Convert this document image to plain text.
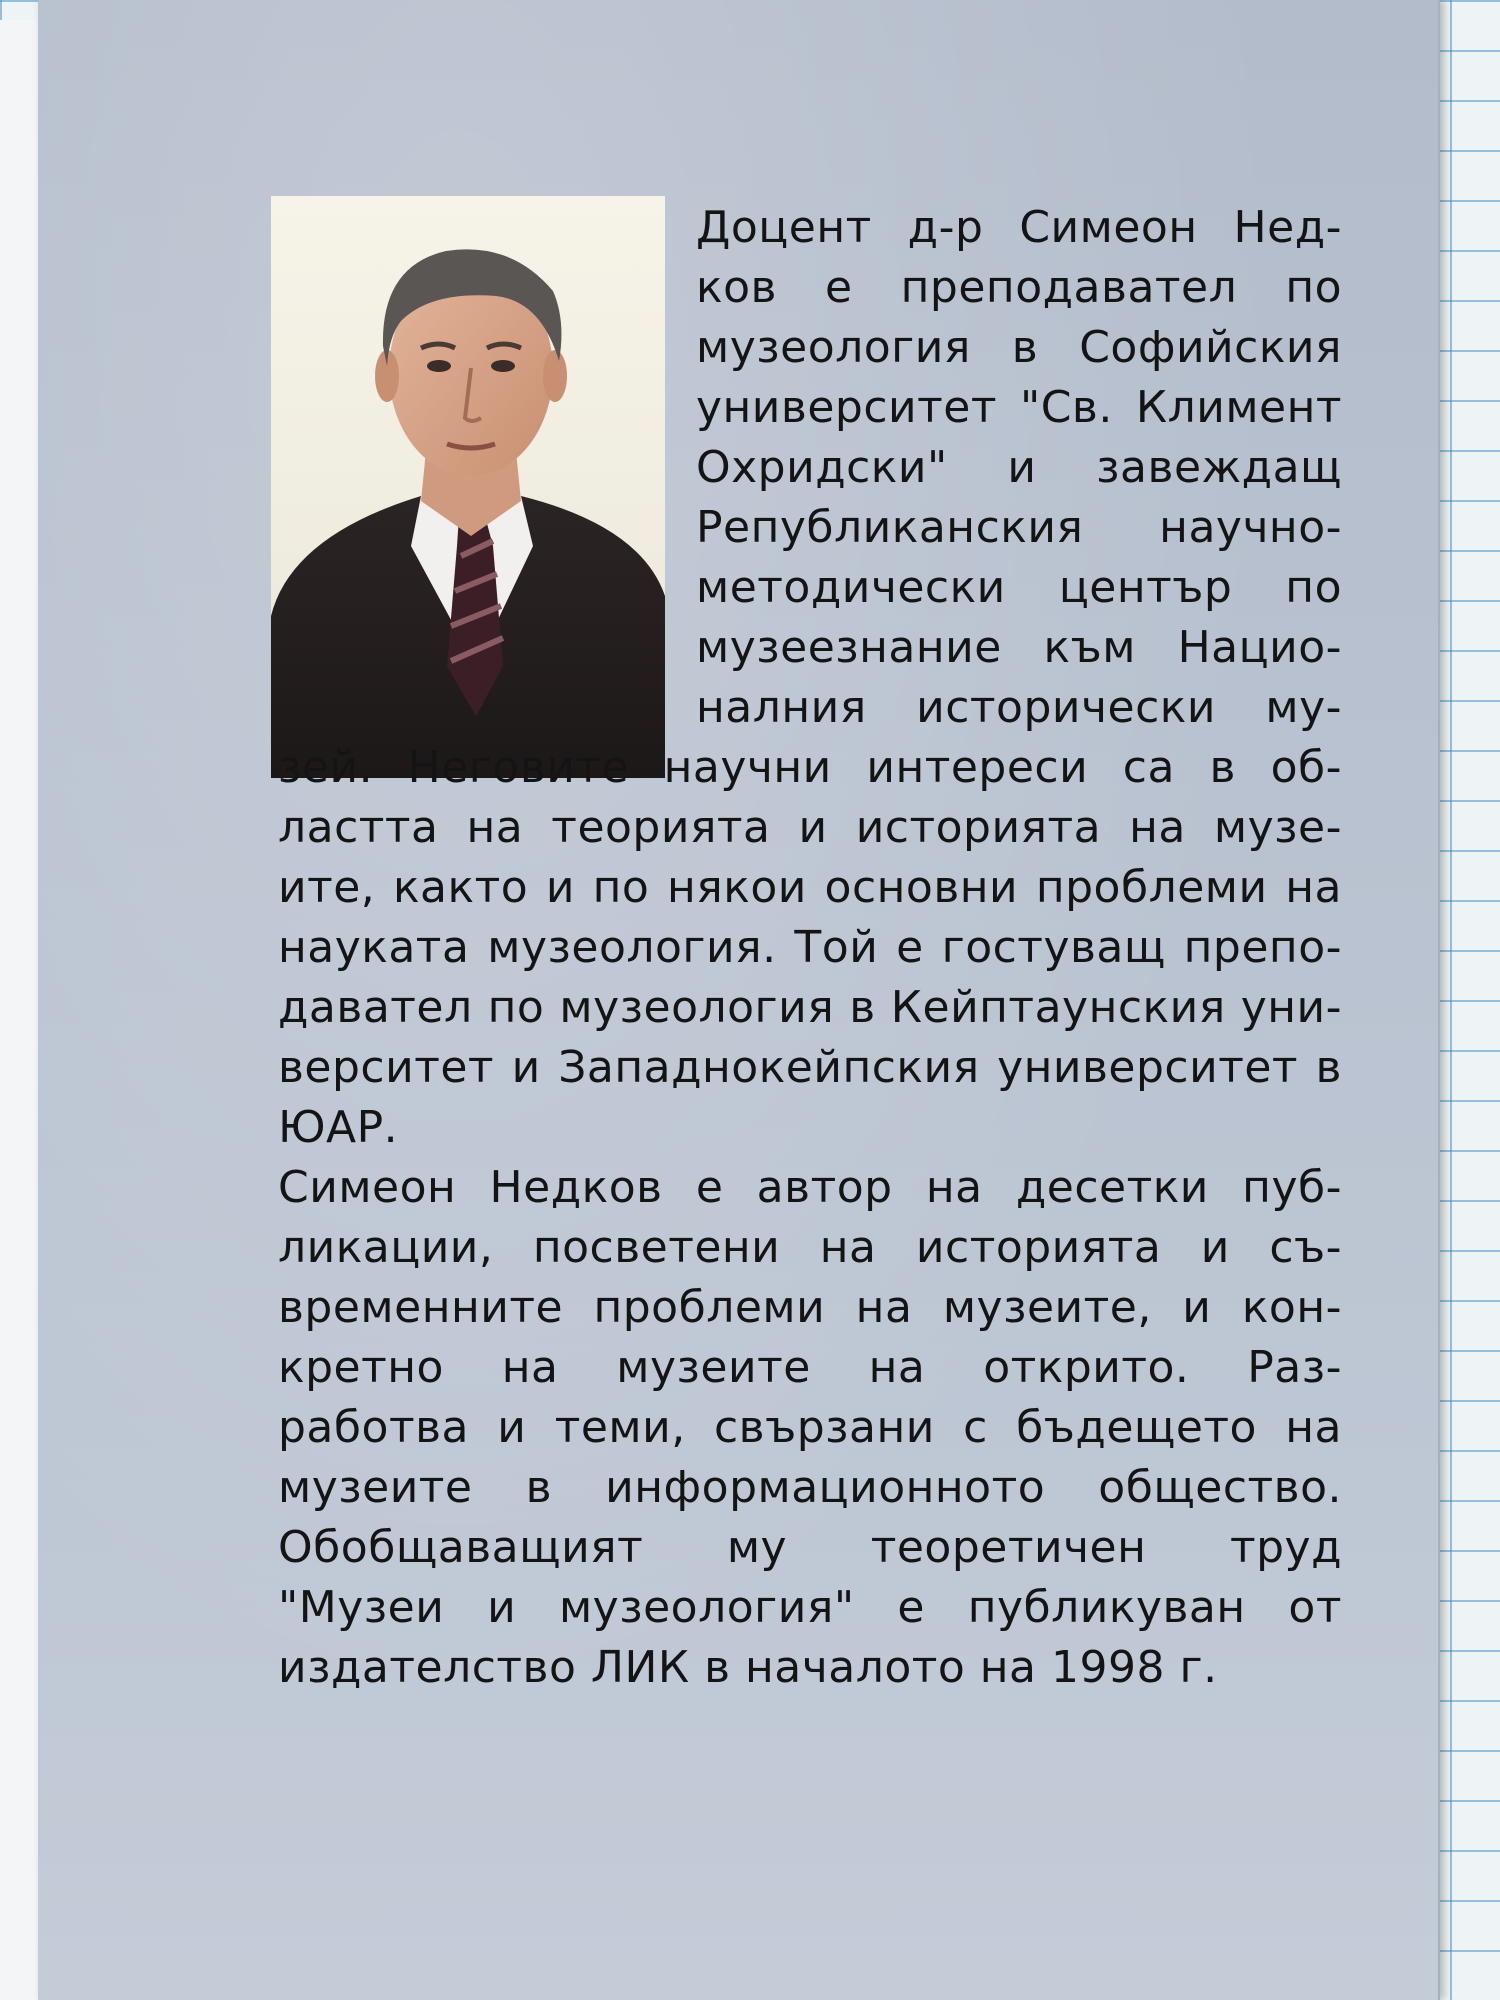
Доцент д-р Симеон Нед-
ков е преподавател по
музеология в Софийския
университет "Св. Климент
Охридски" и завеждащ
Републиканския научно-
методически център по
музеезнание към Нацио-
налния исторически му-
зей. Неговите научни интереси са в об-
ластта на теорията и историята на музе-
ите, както и по някои основни проблеми на
науката музеология. Той е гостуващ препо-
давател по музеология в Кейптаунския уни-
верситет и Западнокейпския университет в
ЮАР.
Симеон Недков е автор на десетки пуб-
ликации, посветени на историята и съ-
временните проблеми на музеите, и кон-
кретно на музеите на открито. Раз-
работва и теми, свързани с бъдещето на
музеите в информационното общество.
Обобщаващият му теоретичен труд
"Музеи и музеология" е публикуван от
издателство ЛИК в началото на 1998 г.
